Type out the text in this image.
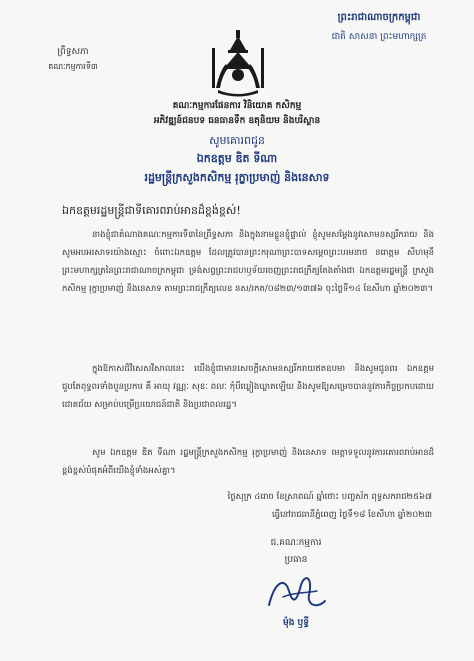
ព្រឹទ្ធសភា
គណៈកម្មការទី៣
ព្រះរាជាណាចក្រកម្ពុជា
ជាតិ សាសនា ព្រះមហាក្សត្រ
គណៈកម្មការផែនការ វិនិយោគ កសិកម្ម
អភិវឌ្ឍន៍ជនបទ ធនធានទឹក ឧតុនិយម និងបរិស្ថាន
សូមគោរពជូន
ឯកឧត្តម ឌិត ទីណា
រដ្ឋមន្ត្រីក្រសួងកសិកម្ម រុក្ខាប្រមាញ់ និងនេសាទ
ឯកឧត្តមរដ្ឋមន្ត្រីជាទីគោរពរាប់អានដ៏ខ្ពង់ខ្ពស់!
នាងខ្ញុំជាតំណាងគណៈកម្មការទី៣នៃព្រឹទ្ធសភា និងក្នុងនាមខ្លួនខ្ញុំផ្ទាល់ ខ្ញុំសូមសម្តែងនូវសោមនស្សរីករាយ និងសូមអបអរសាទរយ៉ាងស្មោះ ចំពោះឯកឧត្តម ដែលត្រូវបានព្រះករុណាព្រះបាទសម្តេចព្រះបរមនាថ នរោត្តម សីហមុនី ព្រះមហាក្សត្រនៃព្រះរាជាណាចក្រកម្ពុជា ទ្រង់សព្វព្រះរាជហឫទ័យចេញព្រះរាជក្រឹត្យតែងតាំងជា ឯកឧត្តមរដ្ឋមន្ត្រី ក្រសួងកសិកម្ម រុក្ខាប្រមាញ់ និងនេសាទ តាមព្រះរាជក្រឹត្យលេខ នស/រកត/០៨២៣/១៣៧៦ ចុះថ្ងៃទី១៤ ខែសីហា ឆ្នាំ២០២៣។
ក្នុងឱកាសដ៏វិសេសវិសាលនេះ យើងខ្ញុំជាមានសេចក្តីសោមនស្សរីករាយឥតឧបមា និងសូមជូនពរ ឯកឧត្តម ជួបតែពុទ្ធពរទាំងបួនប្រការ គឺ អាយុ វណ្ណៈ សុខៈ ពលៈ កុំបីឃ្លៀងឃ្លាតឡើយ និងសូមឱ្យសម្រេចបាននូវភារកិច្ចប្រកបដោយជោគជ័យ សម្រាប់បម្រើប្រយោជន៍ជាតិ និងប្រជាពលរដ្ឋ។
សូម ឯកឧត្តម ឌិត ទីណា រដ្ឋមន្ត្រីក្រសួងកសិកម្ម រុក្ខាប្រមាញ់ និងនេសាទ មេត្តាទទួលនូវការគោរពរាប់អានដ៏ខ្ពង់ខ្ពស់បំផុតអំពីយើងខ្ញុំទាំងអស់គ្នា។
ថ្ងៃសុក្រ ៤រោច ខែស្រាពណ៍ ឆ្នាំថោះ បញ្ចស័ក ពុទ្ធសករាជ២៥៦៧
ធ្វើនៅរាជធានីភ្នំពេញ ថ្ងៃទី១៨ ខែសីហា ឆ្នាំ២០២៣
ជ.គណៈកម្មការ
ប្រធាន
ម៉ុង ឫទ្ធី
